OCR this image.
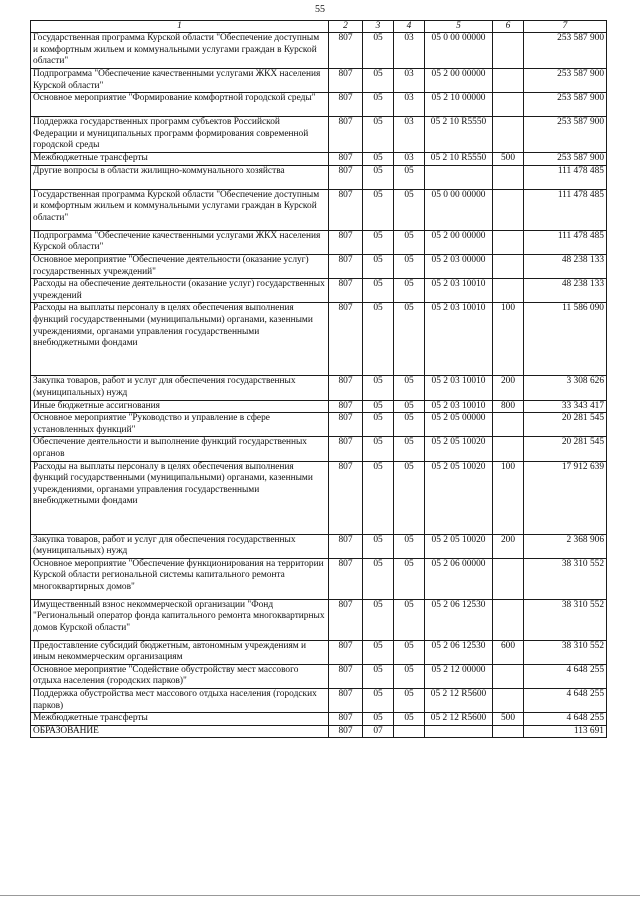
55
1	2	3	4	5	6	7
Государственная программа Курской области "Обеспечение доступным и комфортным жильем и коммунальными услугами граждан в Курской области"	807	05	03	05 0 00 00000		253 587 900
Подпрограмма "Обеспечение качественными услугами ЖКХ населения Курской области"	807	05	03	05 2 00 00000		253 587 900
Основное мероприятие "Формирование комфортной городской среды"	807	05	03	05 2 10 00000		253 587 900
Поддержка государственных программ субъектов Российской Федерации и муниципальных программ формирования современной городской среды	807	05	03	05 2 10 R5550		253 587 900
Межбюджетные трансферты	807	05	03	05 2 10 R5550	500	253 587 900
Другие вопросы в области жилищно-коммунального хозяйства	807	05	05			111 478 485
Государственная программа Курской области "Обеспечение доступным и комфортным жильем и коммунальными услугами граждан в Курской области"	807	05	05	05 0 00 00000		111 478 485
Подпрограмма "Обеспечение качественными услугами ЖКХ населения Курской области"	807	05	05	05 2 00 00000		111 478 485
Основное мероприятие "Обеспечение деятельности (оказание услуг) государственных учреждений"	807	05	05	05 2 03 00000		48 238 133
Расходы на обеспечение деятельности (оказание услуг) государственных учреждений	807	05	05	05 2 03 10010		48 238 133
Расходы на выплаты персоналу в целях обеспечения выполнения функций государственными (муниципальными) органами, казенными учреждениями, органами управления государственными внебюджетными фондами	807	05	05	05 2 03 10010	100	11 586 090
Закупка товаров, работ и услуг для обеспечения государственных (муниципальных) нужд	807	05	05	05 2 03 10010	200	3 308 626
Иные бюджетные ассигнования	807	05	05	05 2 03 10010	800	33 343 417
Основное мероприятие "Руководство и управление в сфере установленных функций"	807	05	05	05 2 05 00000		20 281 545
Обеспечение деятельности и выполнение функций государственных органов	807	05	05	05 2 05 10020		20 281 545
Расходы на выплаты персоналу в целях обеспечения выполнения функций государственными (муниципальными) органами, казенными учреждениями, органами управления государственными внебюджетными фондами	807	05	05	05 2 05 10020	100	17 912 639
Закупка товаров, работ и услуг для обеспечения государственных (муниципальных) нужд	807	05	05	05 2 05 10020	200	2 368 906
Основное мероприятие "Обеспечение функционирования на территории Курской области региональной системы капитального ремонта многоквартирных домов"	807	05	05	05 2 06 00000		38 310 552
Имущественный взнос некоммерческой организации "Фонд "Региональный оператор фонда капитального ремонта многоквартирных домов Курской области"	807	05	05	05 2 06 12530		38 310 552
Предоставление субсидий бюджетным, автономным учреждениям и иным некоммерческим организациям	807	05	05	05 2 06 12530	600	38 310 552
Основное мероприятие "Содействие обустройству мест массового отдыха населения (городских парков)"	807	05	05	05 2 12 00000		4 648 255
Поддержка обустройства мест массового отдыха населения (городских парков)	807	05	05	05 2 12 R5600		4 648 255
Межбюджетные трансферты	807	05	05	05 2 12 R5600	500	4 648 255
ОБРАЗОВАНИЕ	807	07				113 691
